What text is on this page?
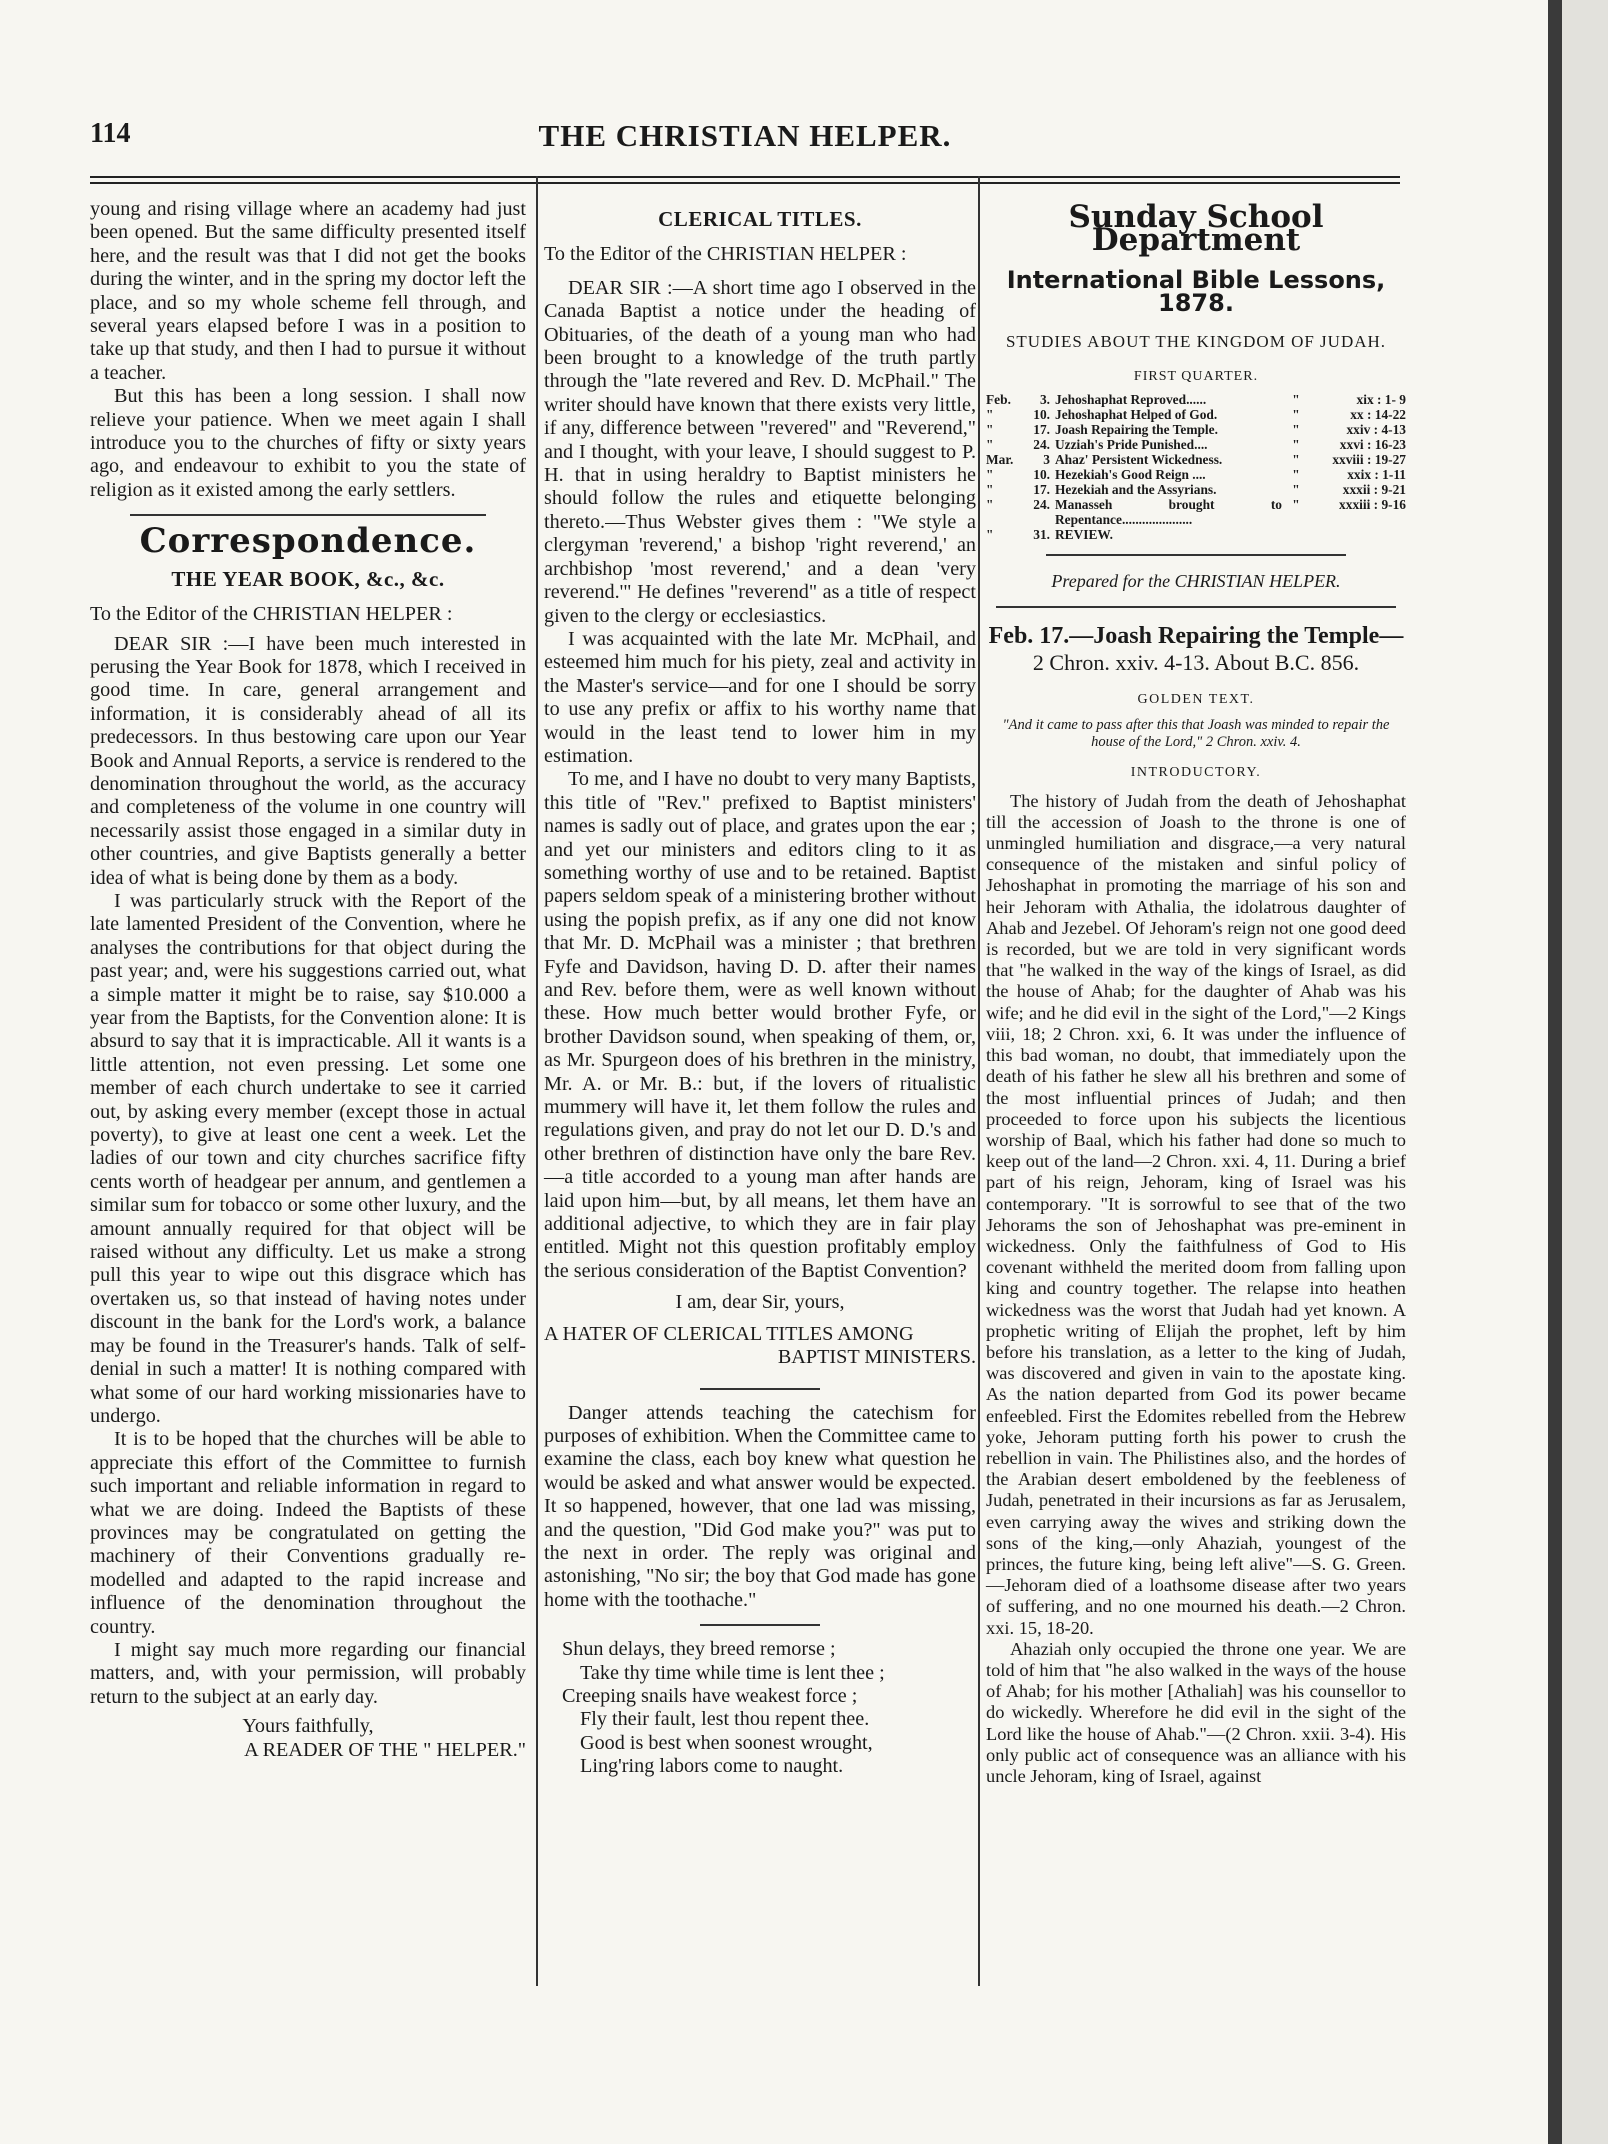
114	THE CHRISTIAN HELPER.

young and rising village where an academy had just been opened. But the same difficulty presented itself here, and the result was that I did not get the books during the winter, and in the spring my doctor left the place, and so my whole scheme fell through, and several years elapsed before I was in a position to take up that study, and then I had to pursue it without a teacher.

But this has been a long session. I shall now relieve your patience. When we meet again I shall introduce you to the churches of fifty or sixty years ago, and endeavour to exhibit to you the state of religion as it existed among the early settlers.

Correspondence.
THE YEAR BOOK, &c., &c.

To the Editor of the CHRISTIAN HELPER :

DEAR SIR :—I have been much interested in perusing the Year Book for 1878, which I received in good time. In care, general arrangement and information, it is considerably ahead of all its predecessors. In thus bestowing care upon our Year Book and Annual Reports, a service is rendered to the denomination throughout the world, as the accuracy and completeness of the volume in one country will necessarily assist those engaged in a similar duty in other countries, and give Baptists generally a better idea of what is being done by them as a body.

I was particularly struck with the Report of the late lamented President of the Convention, where he analyses the contributions for that object during the past year; and, were his suggestions carried out, what a simple matter it might be to raise, say $10.000 a year from the Baptists, for the Convention alone: It is absurd to say that it is impracticable. All it wants is a little attention, not even pressing. Let some one member of each church undertake to see it carried out, by asking every member (except those in actual poverty), to give at least one cent a week. Let the ladies of our town and city churches sacrifice fifty cents worth of headgear per annum, and gentlemen a similar sum for tobacco or some other luxury, and the amount annually required for that object will be raised without any difficulty. Let us make a strong pull this year to wipe out this disgrace which has overtaken us, so that instead of having notes under discount in the bank for the Lord's work, a balance may be found in the Treasurer's hands. Talk of self-denial in such a matter! It is nothing compared with what some of our hard working missionaries have to undergo.

It is to be hoped that the churches will be able to appreciate this effort of the Committee to furnish such important and reliable information in regard to what we are doing. Indeed the Baptists of these provinces may be congratulated on getting the machinery of their Conventions gradually re-modelled and adapted to the rapid increase and influence of the denomination throughout the country.

I might say much more regarding our financial matters, and, with your permission, will probably return to the subject at an early day.

Yours faithfully,

A READER OF THE " HELPER."

CLERICAL TITLES.

To the Editor of the CHRISTIAN HELPER :

DEAR SIR :—A short time ago I observed in the Canada Baptist a notice under the heading of Obituaries, of the death of a young man who had been brought to a knowledge of the truth partly through the "late revered and Rev. D. McPhail." The writer should have known that there exists very little, if any, difference between "revered" and "Reverend," and I thought, with your leave, I should suggest to P. H. that in using heraldry to Baptist ministers he should follow the rules and etiquette belonging thereto.—Thus Webster gives them : "We style a clergyman 'reverend,' a bishop 'right reverend,' an archbishop 'most reverend,' and a dean 'very reverend.'" He defines "reverend" as a title of respect given to the clergy or ecclesiastics.

I was acquainted with the late Mr. McPhail, and esteemed him much for his piety, zeal and activity in the Master's service—and for one I should be sorry to use any prefix or affix to his worthy name that would in the least tend to lower him in my estimation.

To me, and I have no doubt to very many Baptists, this title of "Rev." prefixed to Baptist ministers' names is sadly out of place, and grates upon the ear ; and yet our ministers and editors cling to it as something worthy of use and to be retained. Baptist papers seldom speak of a ministering brother without using the popish prefix, as if any one did not know that Mr. D. McPhail was a minister ; that brethren Fyfe and Davidson, having D. D. after their names and Rev. before them, were as well known without these. How much better would brother Fyfe, or brother Davidson sound, when speaking of them, or, as Mr. Spurgeon does of his brethren in the ministry, Mr. A. or Mr. B.: but, if the lovers of ritualistic mummery will have it, let them follow the rules and regulations given, and pray do not let our D. D.'s and other brethren of distinction have only the bare Rev.—a title accorded to a young man after hands are laid upon him—but, by all means, let them have an additional adjective, to which they are in fair play entitled. Might not this question profitably employ the serious consideration of the Baptist Convention?

I am, dear Sir, yours,

A HATER OF CLERICAL TITLES AMONG

BAPTIST MINISTERS.

Danger attends teaching the catechism for purposes of exhibition. When the Committee came to examine the class, each boy knew what question he would be asked and what answer would be expected. It so happened, however, that one lad was missing, and the question, "Did God make you?" was put to the next in order. The reply was original and astonishing, "No sir; the boy that God made has gone home with the toothache."

Shun delays, they breed remorse ;

Take thy time while time is lent thee ;

Creeping snails have weakest force ;

Fly their fault, lest thou repent thee.

Good is best when soonest wrought,

Ling'ring labors come to naught.

Sunday School Department
International Bible Lessons, 1878.
STUDIES ABOUT THE KINGDOM OF JUDAH.
FIRST QUARTER.
Feb.	3.	Jehoshaphat Reproved......	"	xix : 1- 9
"	10.	Jehoshaphat Helped of God.	"	xx : 14-22
"	17.	Joash Repairing the Temple.	"	xxiv : 4-13
"	24.	Uzziah's Pride Punished....	"	xxvi : 16-23
Mar.	3	Ahaz' Persistent Wickedness.	"	xxviii : 19-27
"	10.	Hezekiah's Good Reign ....	"	xxix : 1-11
"	17.	Hezekiah and the Assyrians.	"	xxxii : 9-21
"	24.	Manasseh brought to Repentance.....................	"	xxxiii : 9-16
"	31.	REVIEW.		
Prepared for the CHRISTIAN HELPER.
Feb. 17.—Joash Repairing the Temple—
2 Chron. xxiv. 4-13. About B.C. 856.
GOLDEN TEXT.
"And it came to pass after this that Joash was minded to repair the house of the Lord," 2 Chron. xxiv. 4.
INTRODUCTORY.

The history of Judah from the death of Jehoshaphat till the accession of Joash to the throne is one of unmingled humiliation and disgrace,—a very natural consequence of the mistaken and sinful policy of Jehoshaphat in promoting the marriage of his son and heir Jehoram with Athalia, the idolatrous daughter of Ahab and Jezebel. Of Jehoram's reign not one good deed is recorded, but we are told in very significant words that "he walked in the way of the kings of Israel, as did the house of Ahab; for the daughter of Ahab was his wife; and he did evil in the sight of the Lord,"—2 Kings viii, 18; 2 Chron. xxi, 6. It was under the influence of this bad woman, no doubt, that immediately upon the death of his father he slew all his brethren and some of the most influential princes of Judah; and then proceeded to force upon his subjects the licentious worship of Baal, which his father had done so much to keep out of the land—2 Chron. xxi. 4, 11. During a brief part of his reign, Jehoram, king of Israel was his contemporary. "It is sorrowful to see that of the two Jehorams the son of Jehoshaphat was pre-eminent in wickedness. Only the faithfulness of God to His covenant withheld the merited doom from falling upon king and country together. The relapse into heathen wickedness was the worst that Judah had yet known. A prophetic writing of Elijah the prophet, left by him before his translation, as a letter to the king of Judah, was discovered and given in vain to the apostate king. As the nation departed from God its power became enfeebled. First the Edomites rebelled from the Hebrew yoke, Jehoram putting forth his power to crush the rebellion in vain. The Philistines also, and the hordes of the Arabian desert emboldened by the feebleness of Judah, penetrated in their incursions as far as Jerusalem, even carrying away the wives and striking down the sons of the king,—only Ahaziah, youngest of the princes, the future king, being left alive"—S. G. Green.—Jehoram died of a loathsome disease after two years of suffering, and no one mourned his death.—2 Chron. xxi. 15, 18-20.

Ahaziah only occupied the throne one year. We are told of him that "he also walked in the ways of the house of Ahab; for his mother [Athaliah] was his counsellor to do wickedly. Wherefore he did evil in the sight of the Lord like the house of Ahab."—(2 Chron. xxii. 3-4). His only public act of consequence was an alliance with his uncle Jehoram, king of Israel, against
